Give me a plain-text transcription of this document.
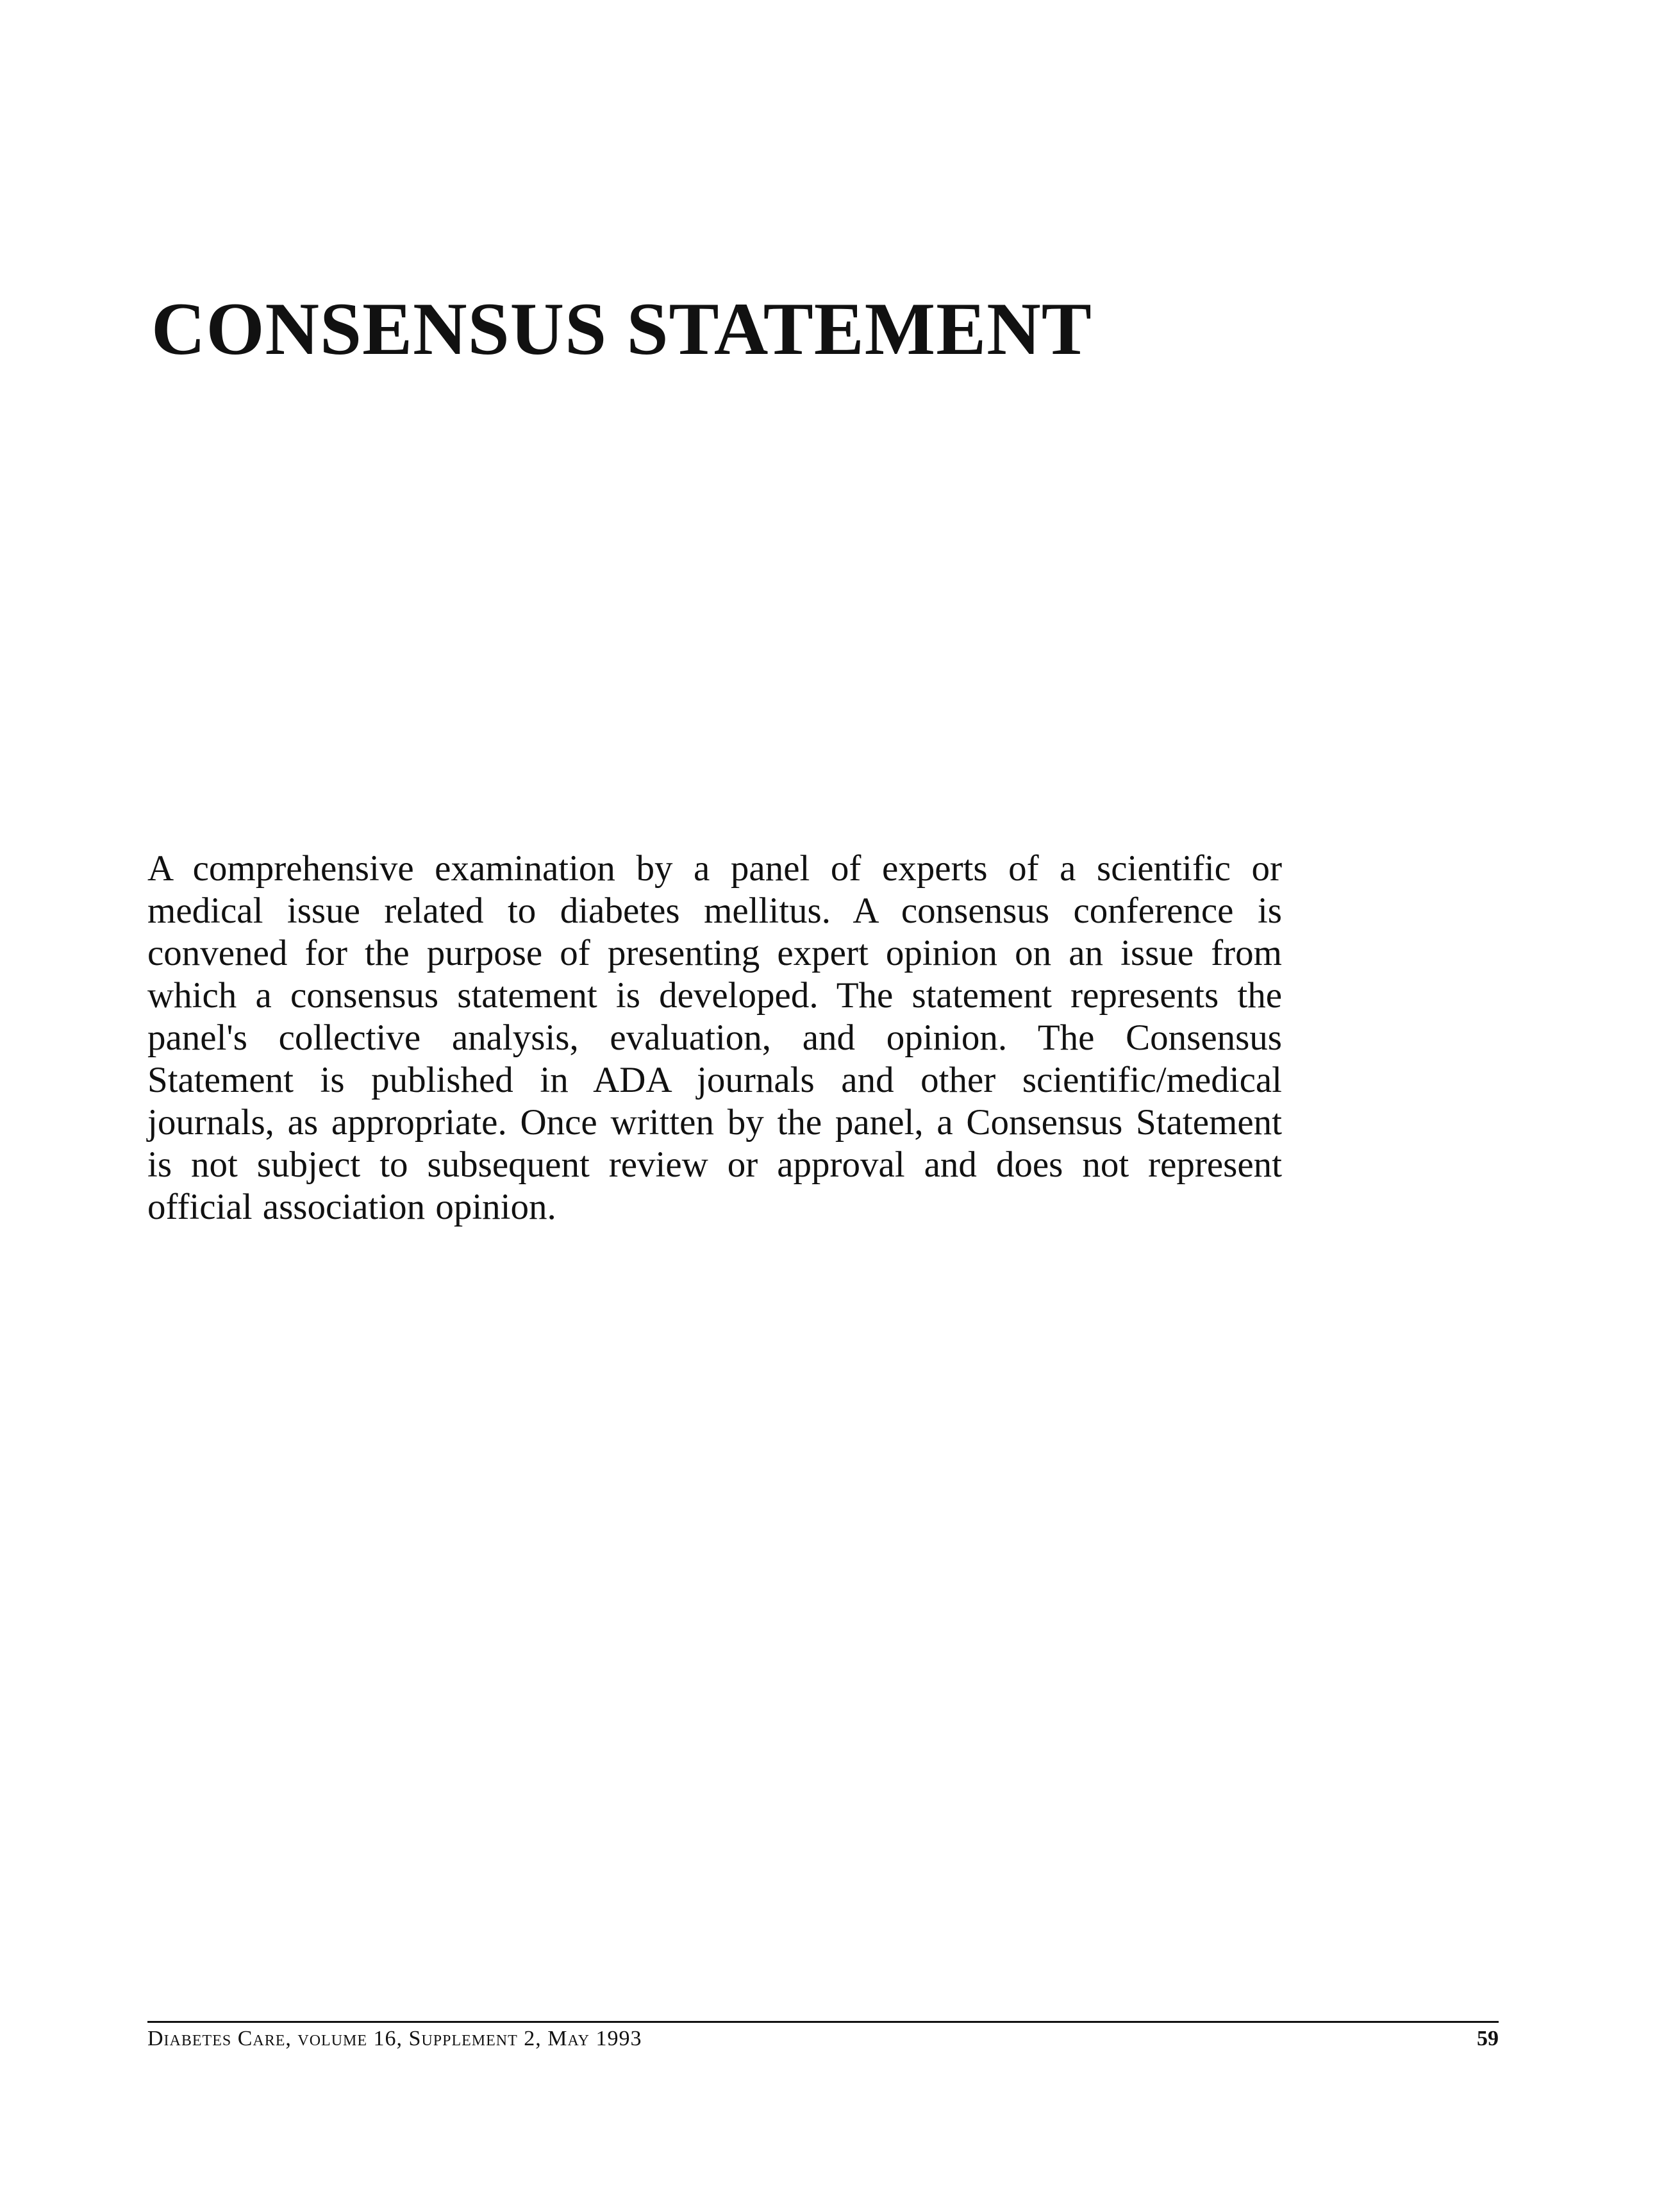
CONSENSUS STATEMENT

A comprehensive examination by a panel of experts of a scientific or medical issue related to diabetes mellitus. A consensus conference is convened for the purpose of presenting expert opinion on an issue from which a consensus statement is developed. The statement represents the panel's collective analysis, evaluation, and opinion. The Consensus Statement is published in ADA journals and other scientific/medical journals, as appropriate. Once written by the panel, a Consensus Statement is not subject to subsequent review or approval and does not represent official association opinion.

Diabetes Care, volume 16, Supplement 2, May 1993	59
